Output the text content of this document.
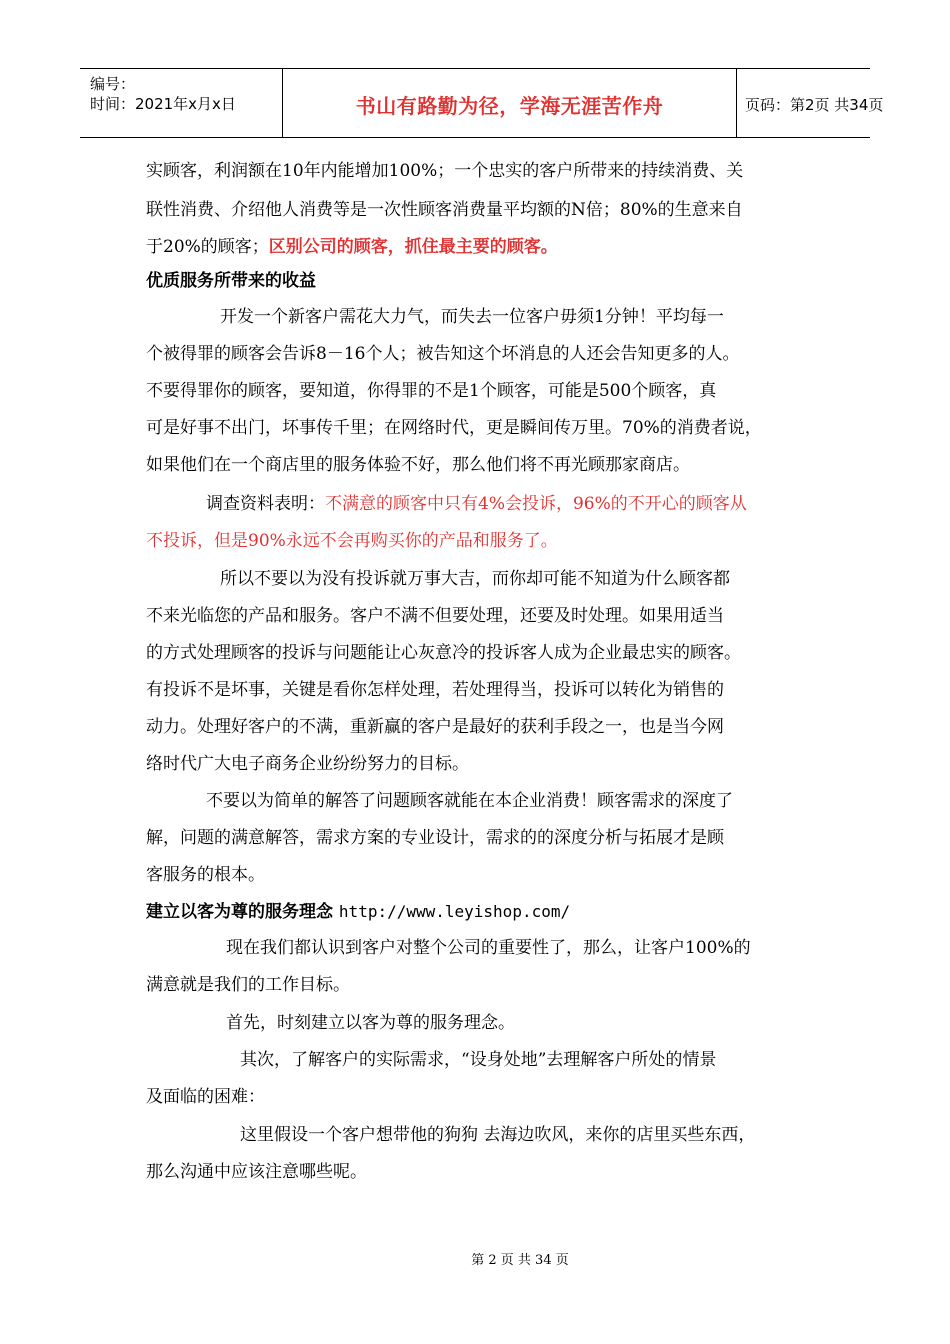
编号：
时间：2021年x月x日	书山有路勤为径，学海无涯苦作舟	页码：第2页 共34页
实顾客，利润额在10年内能增加100%；一个忠实的客户所带来的持续消费、关
联性消费、介绍他人消费等是一次性顾客消费量平均额的N倍；80%的生意来自
于20%的顾客；区别公司的顾客，抓住最主要的顾客。
优质服务所带来的收益
开发一个新客户需花大力气，而失去一位客户毋须1分钟！平均每一
个被得罪的顾客会告诉8－16个人；被告知这个坏消息的人还会告知更多的人。
不要得罪你的顾客，要知道，你得罪的不是1个顾客，可能是500个顾客，真
可是好事不出门，坏事传千里；在网络时代，更是瞬间传万里。70%的消费者说，
如果他们在一个商店里的服务体验不好，那么他们将不再光顾那家商店。
调查资料表明：不满意的顾客中只有4%会投诉，96%的不开心的顾客从
不投诉，但是90%永远不会再购买你的产品和服务了。
所以不要以为没有投诉就万事大吉，而你却可能不知道为什么顾客都
不来光临您的产品和服务。客户不满不但要处理，还要及时处理。如果用适当
的方式处理顾客的投诉与问题能让心灰意冷的投诉客人成为企业最忠实的顾客。
有投诉不是坏事，关键是看你怎样处理，若处理得当，投诉可以转化为销售的
动力。处理好客户的不满，重新赢的客户是最好的获利手段之一，也是当今网
络时代广大电子商务企业纷纷努力的目标。
不要以为简单的解答了问题顾客就能在本企业消费！顾客需求的深度了
解，问题的满意解答，需求方案的专业设计，需求的的深度分析与拓展才是顾
客服务的根本。
建立以客为尊的服务理念 http://www.leyishop.com/
现在我们都认识到客户对整个公司的重要性了，那么，让客户100%的
满意就是我们的工作目标。
首先，时刻建立以客为尊的服务理念。
其次，了解客户的实际需求，“设身处地”去理解客户所处的情景
及面临的困难：
这里假设一个客户想带他的狗狗 去海边吹风，来你的店里买些东西，
那么沟通中应该注意哪些呢。
第 2 页 共 34 页
